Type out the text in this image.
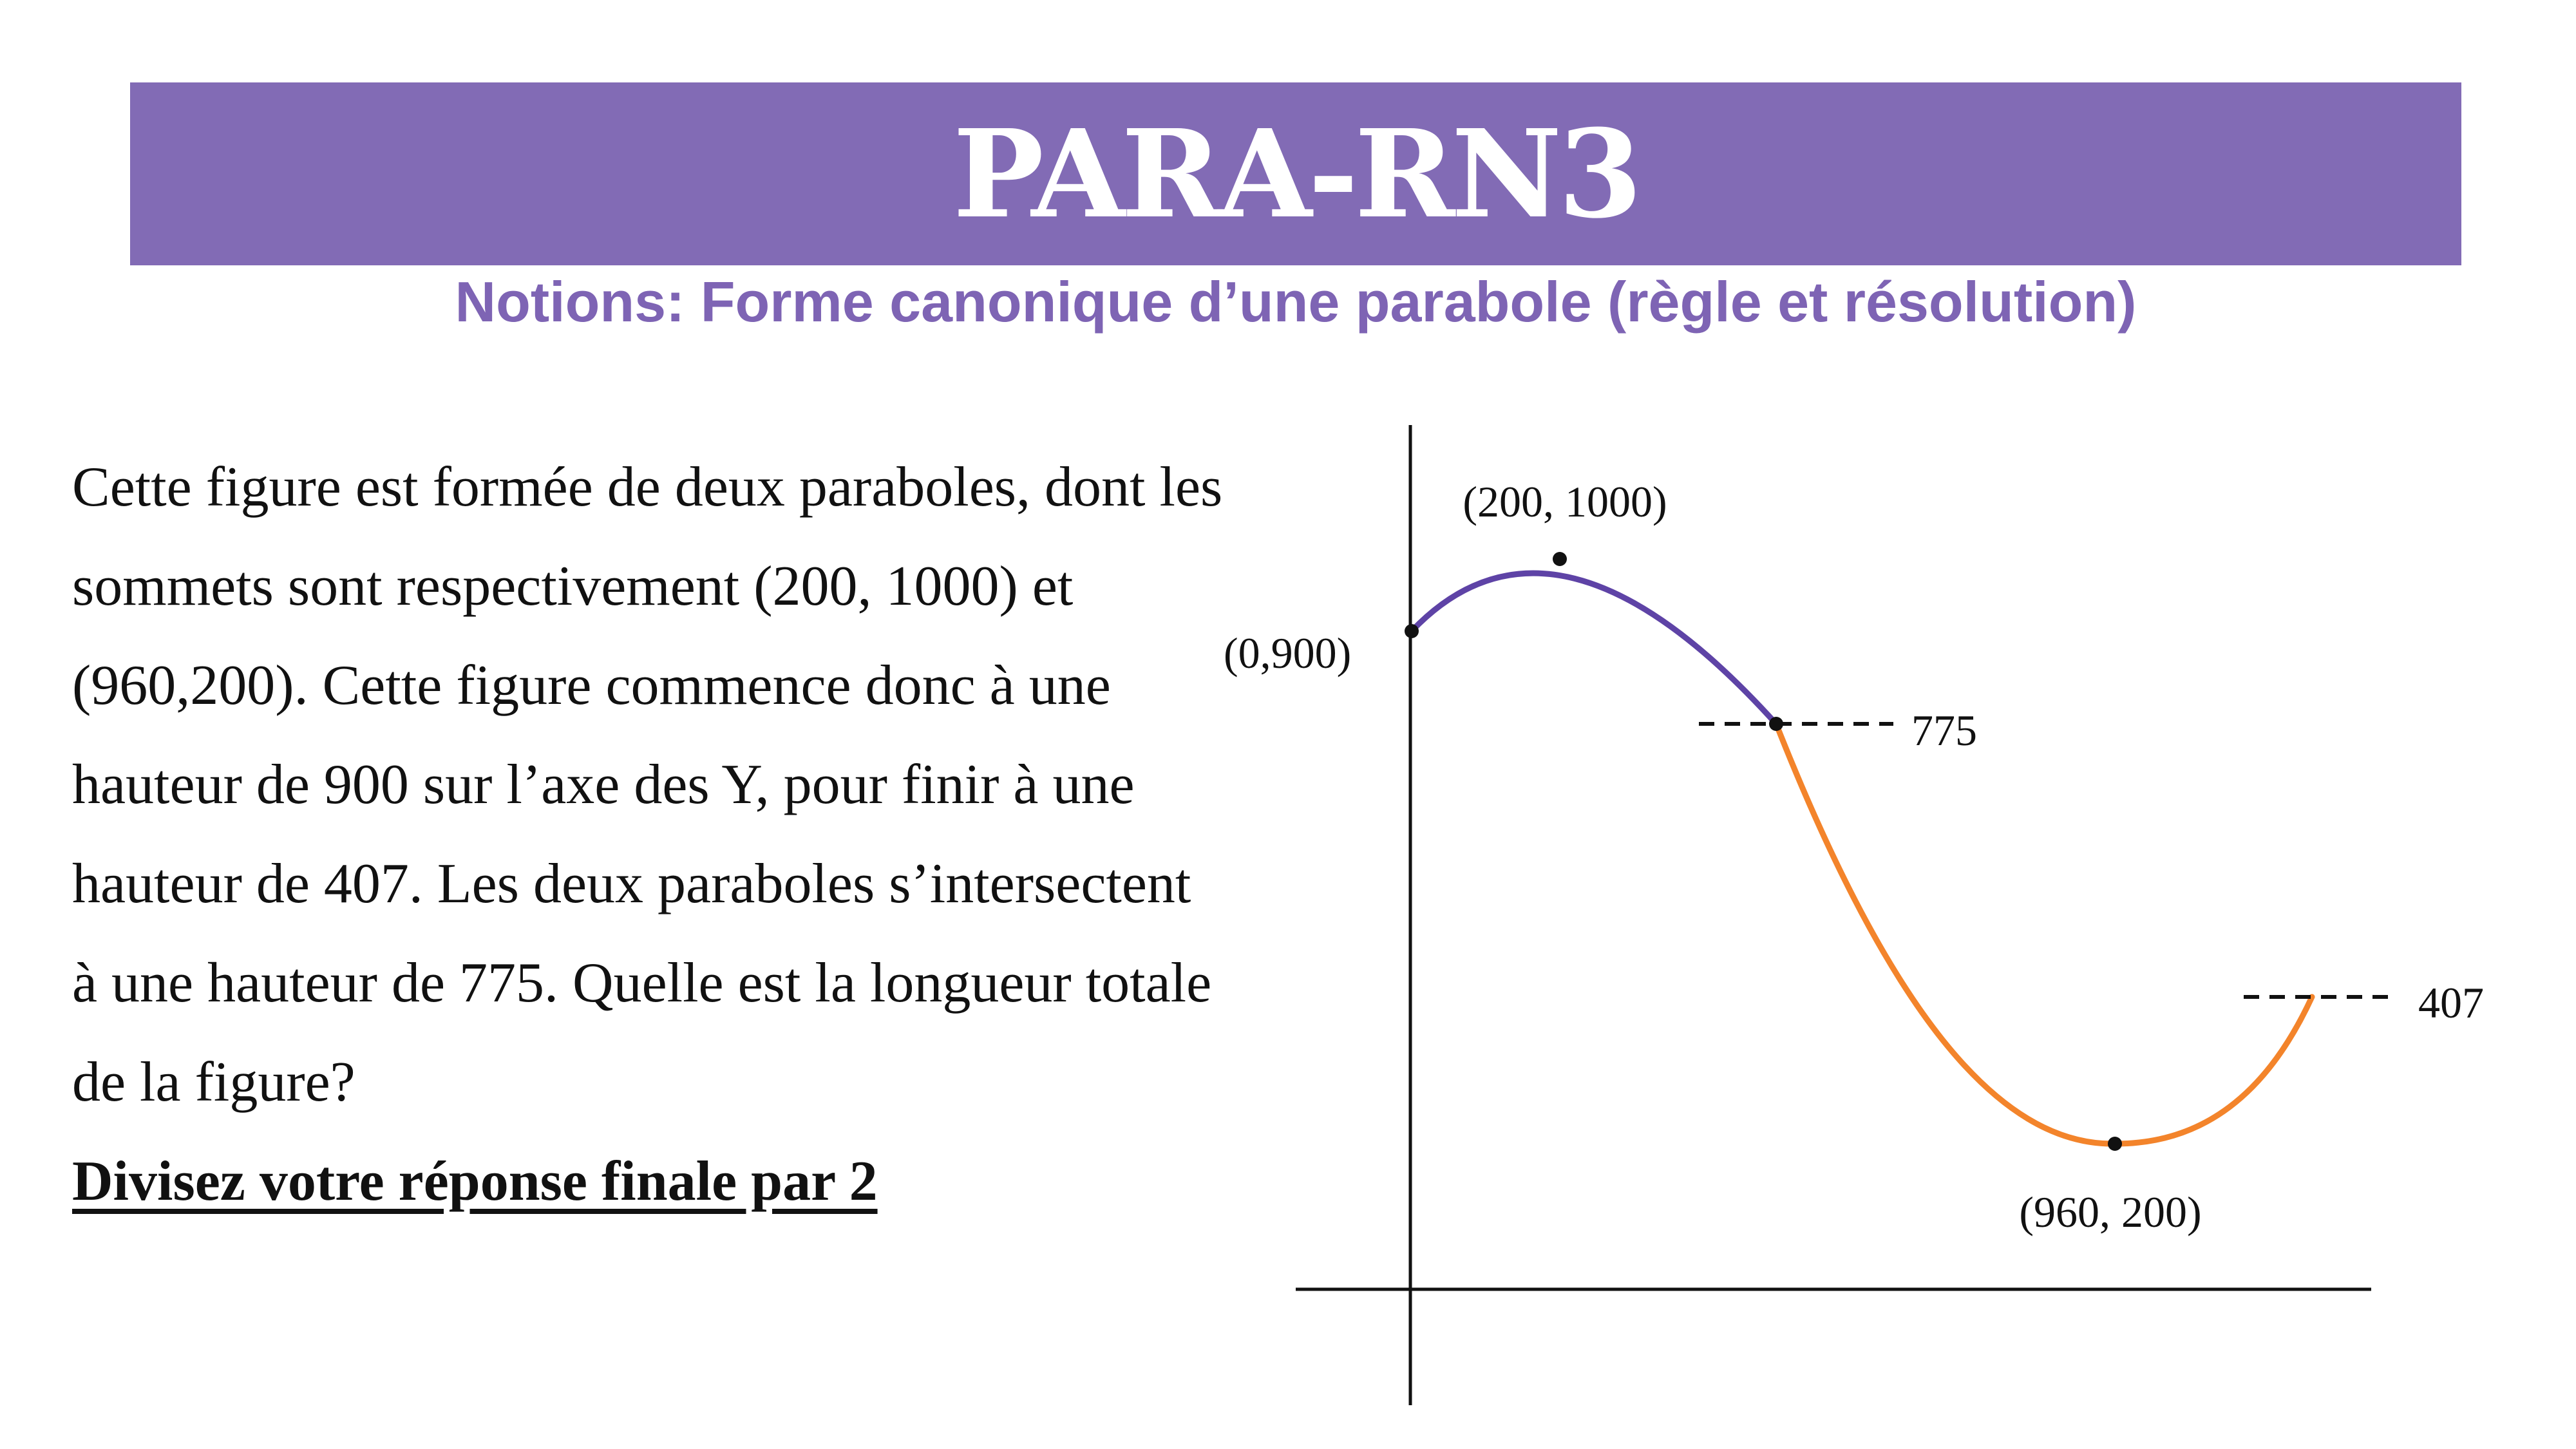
PARA-RN3
Notions: Forme canonique d’une parabole (règle et résolution)

Cette figure est formée de deux paraboles, dont les sommets sont respectivement (200, 1000) et (960,200). Cette figure commence donc à une hauteur de 900 sur l’axe des Y, pour finir à une hauteur de 407. Les deux paraboles s’intersectent à une hauteur de 775. Quelle est la longueur totale de la figure?

Divisez votre réponse finale par 2

(200, 1000)
(0,900)
775
407
(960, 200)
